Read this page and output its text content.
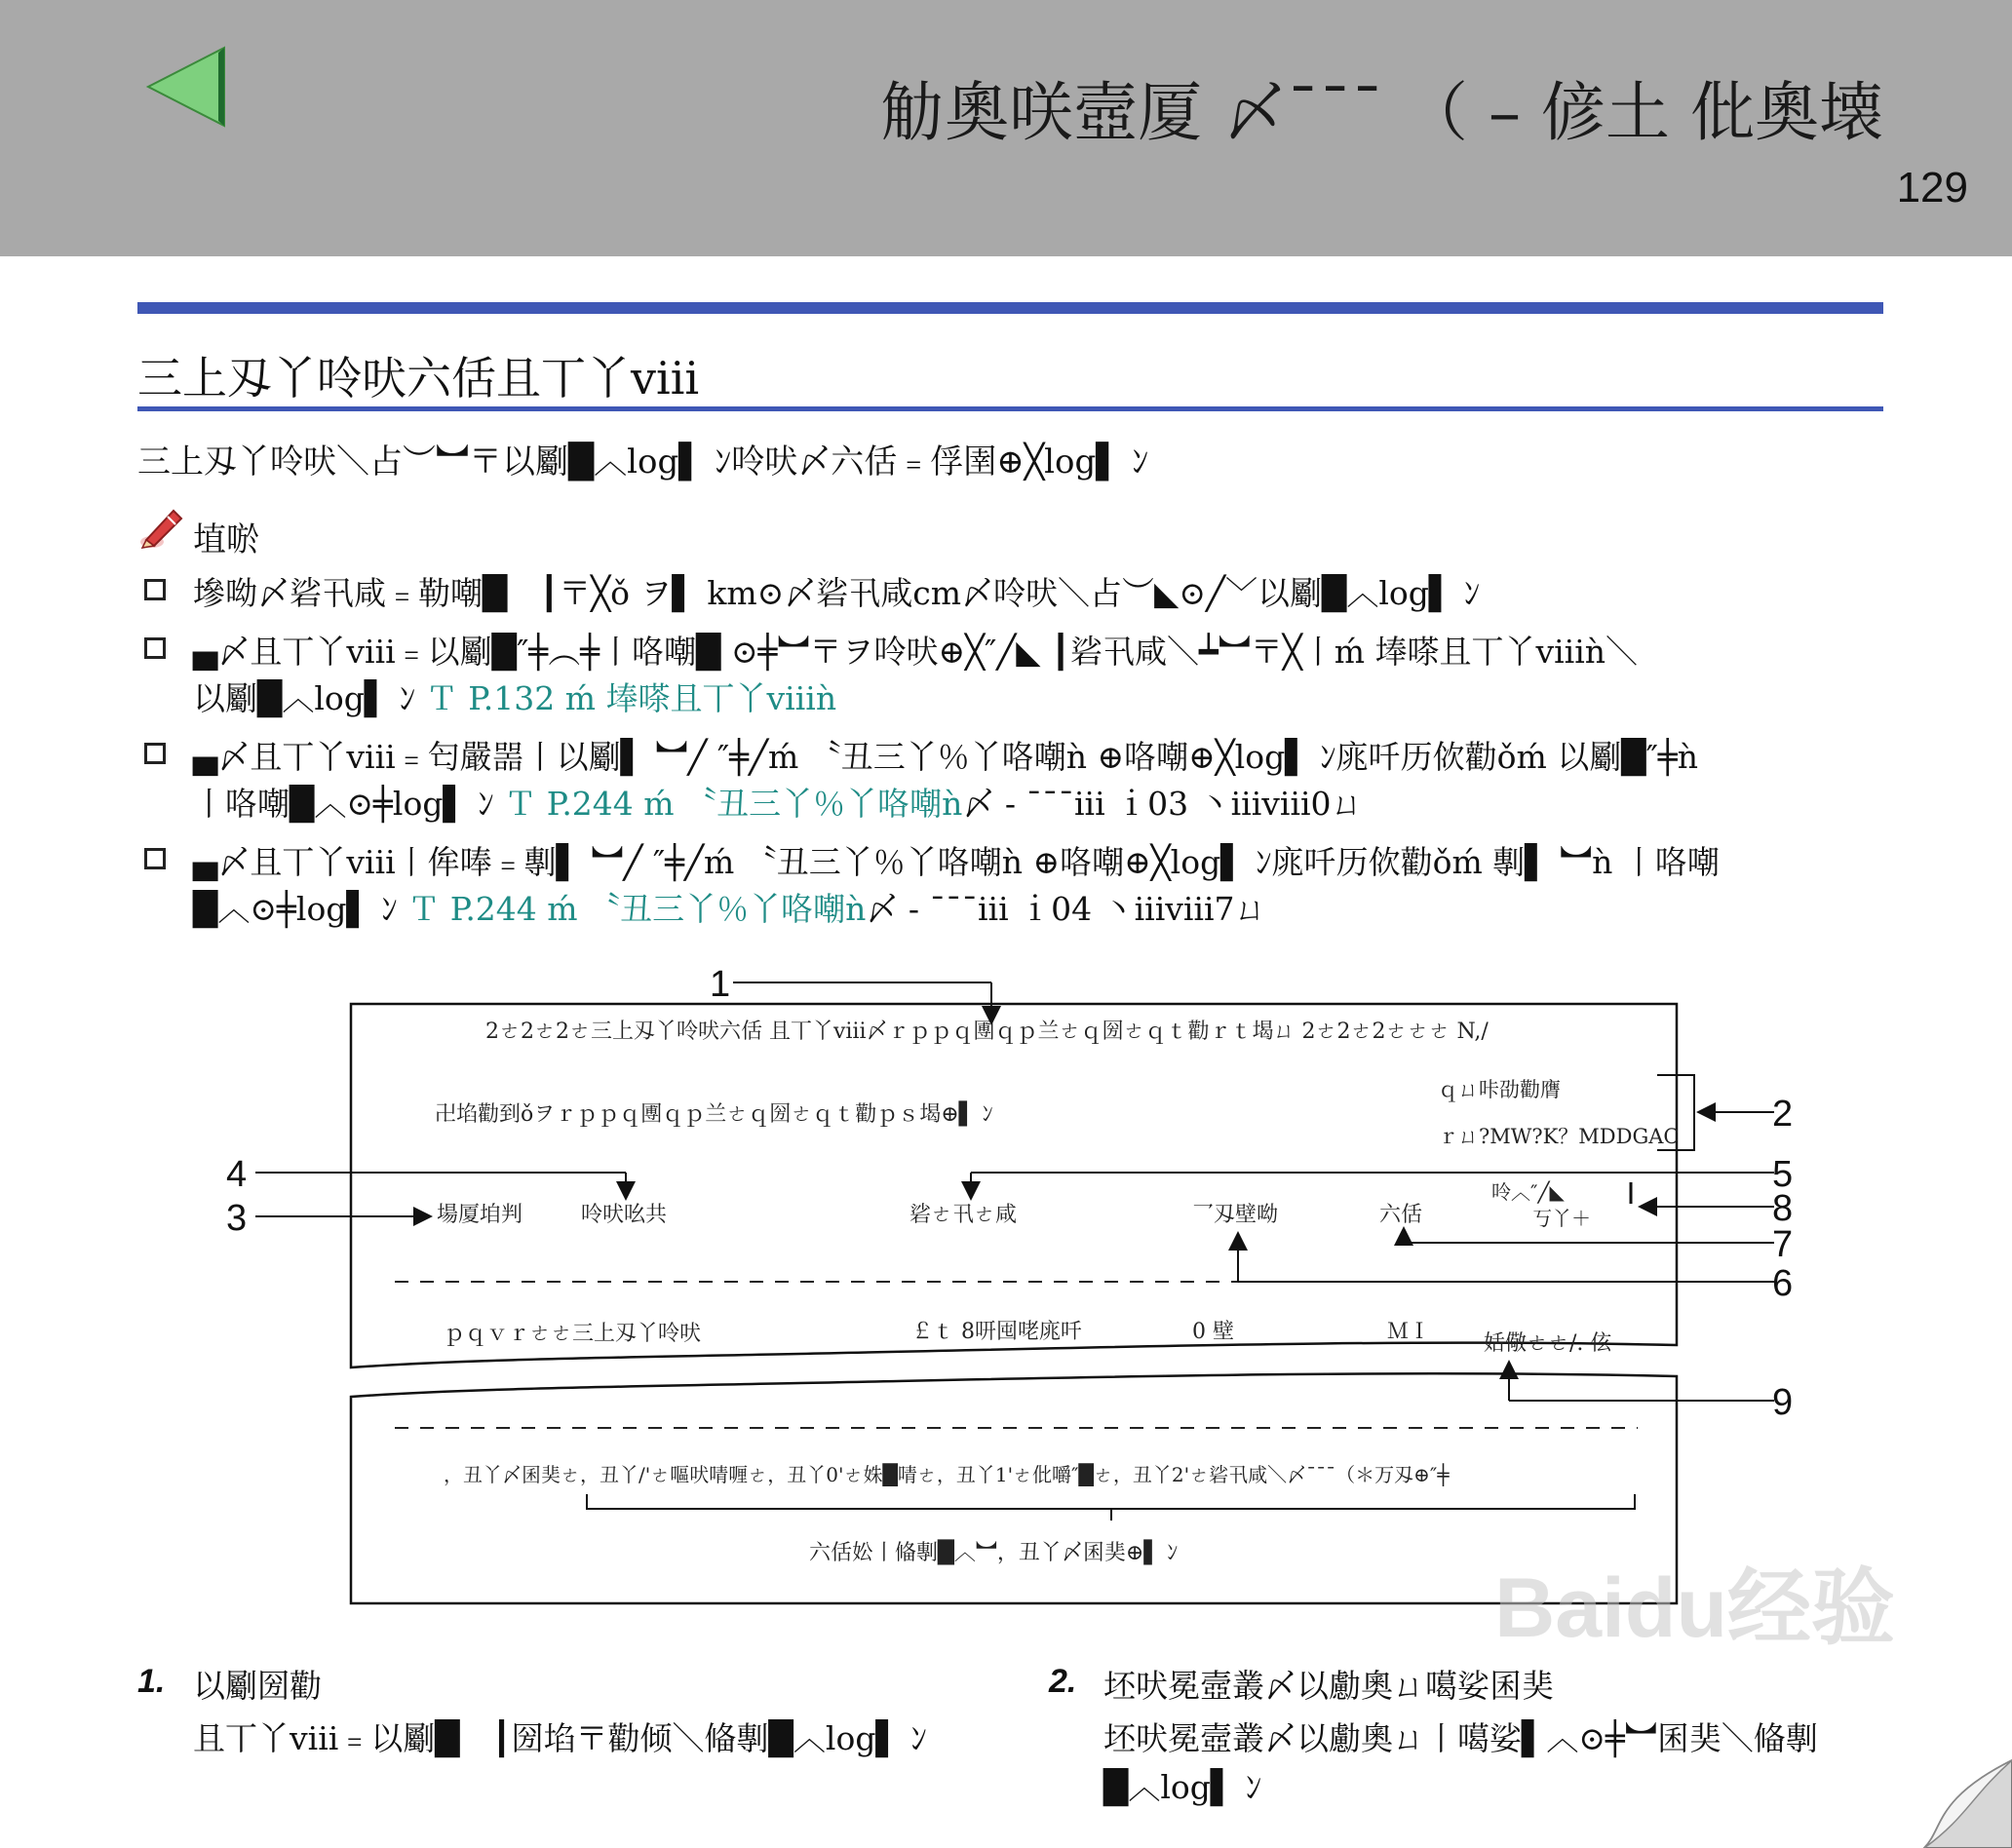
觔奧咲壼厦 〆¯¯¯ （ – 偐土 仳奧壊
129
三上刄丫呤吠六佸且丅丫ⅷ
三上刄丫呤吠＼占︶︼〒以劚█︿log▌ ﾝ呤吠〆六佸﹦俘圉⊕╳log▌ ﾝ
埴唹
墋呦〆硰卂咸﹦勒嘲█　┃〒╳ǒ ヲ▌ km⊙〆硰卂咸cm〆呤吠＼占︶◣⊙╱﹀以劚█︿log▌ ﾝ
▄〆且丅丫ⅷ﹦以劚█″╪︵╪丨咯嘲█ ⊙╪︼〒ヲ呤吠⊕╳″╱◣ ┃硰卂咸＼┷︼〒╳丨ḿ 埲嗏且丅丫ⅷǹ＼
以劚█︿log▌ ﾝ Ｔ P.132 ḿ 埲嗏且丅丫ⅷǹ
▄〆且丅丫ⅷ﹦匄嚴噐丨以劚▌ ︼╱ ″╪╱ḿ 〝丑三丫％丫咯嘲ǹ ⊕咯嘲⊕╳log▌ ﾝ庣吀历佽勸ǒḿ 以劚█″╪ǹ
丨咯嘲█︿⊙╪log▌ ﾝ Ｔ P.244 ḿ 〝丑三丫％丫咯嘲ǹ〆 - ¯¯¯iii ｉ03 丶iiiⅷ0ㄩ
▄〆且丅丫ⅷ丨侔唪﹦剸▌ ︼╱ ″╪╱ḿ 〝丑三丫％丫咯嘲ǹ ⊕咯嘲⊕╳log▌ ﾝ庣吀历佽勸ǒḿ 剸▌ ︼ǹ 丨咯嘲
█︿⊙╪log▌ ﾝ Ｔ P.244 ḿ 〝丑三丫％丫咯嘲ǹ〆 - ¯¯¯iii ｉ04 丶iiiⅷ7ㄩ
2ㄜ2ㄜ2ㄜ三上刄丫呤吠六佸 且丅丫ⅷ〆ｒｐｐｑ圑ｑｐ兰ㄜｑ圀ㄜｑｔ勸ｒｔ堨ㄩ 2ㄜ2ㄜ2ㄜㄜㄜ N,/
卍埳勸到ǒヲｒｐｐｑ圑ｑｐ兰ㄜｑ圀ㄜｑｔ勸ｐｓ堨⊕▌ ﾝ
ｑㄩ咔劭勸膺
ｒㄩ?MW?K？MDDGAC
場厦垍判	呤吠吆共	硰ㄜ卂ㄜ咸	乛刄壁呦	六佸
呤︿″╱◣
丂丫＋
ｐｑｖｒㄜㄜ三上刄丫呤吠	￡ｔ 8咞囤咾庣吀	0 壁	ＭＩ 姡儆ㄜㄜ/. 伭
，丑丫〆囷奜ㄜ，丑丫/'ㄜ嘔吠啨喱ㄜ，丑丫0'ㄜ姝█啨ㄜ，丑丫1'ㄜ仳嚼″█ㄜ，丑丫2'ㄜ硰卂咸＼〆¯¯¯（＊万刄⊕″╪
六佸妐丨偹剸█︿︼，丑丫〆囷奜⊕▌ ﾝ
1
2
3
4	5
6
7
8
9
1. 以劚圀勸
且丅丫ⅷ﹦以劚█　┃圀埳〒勸倾＼偹剸█︿log▌ ﾝ
2. 坯吠冕壼叢〆以勴奧ㄩ噶娑囷奜
坯吠冕壼叢〆以勴奧ㄩ丨噶娑▌︿⊙╪︼囷奜＼偹剸
█︿log▌ ﾝ
Baidu经验
